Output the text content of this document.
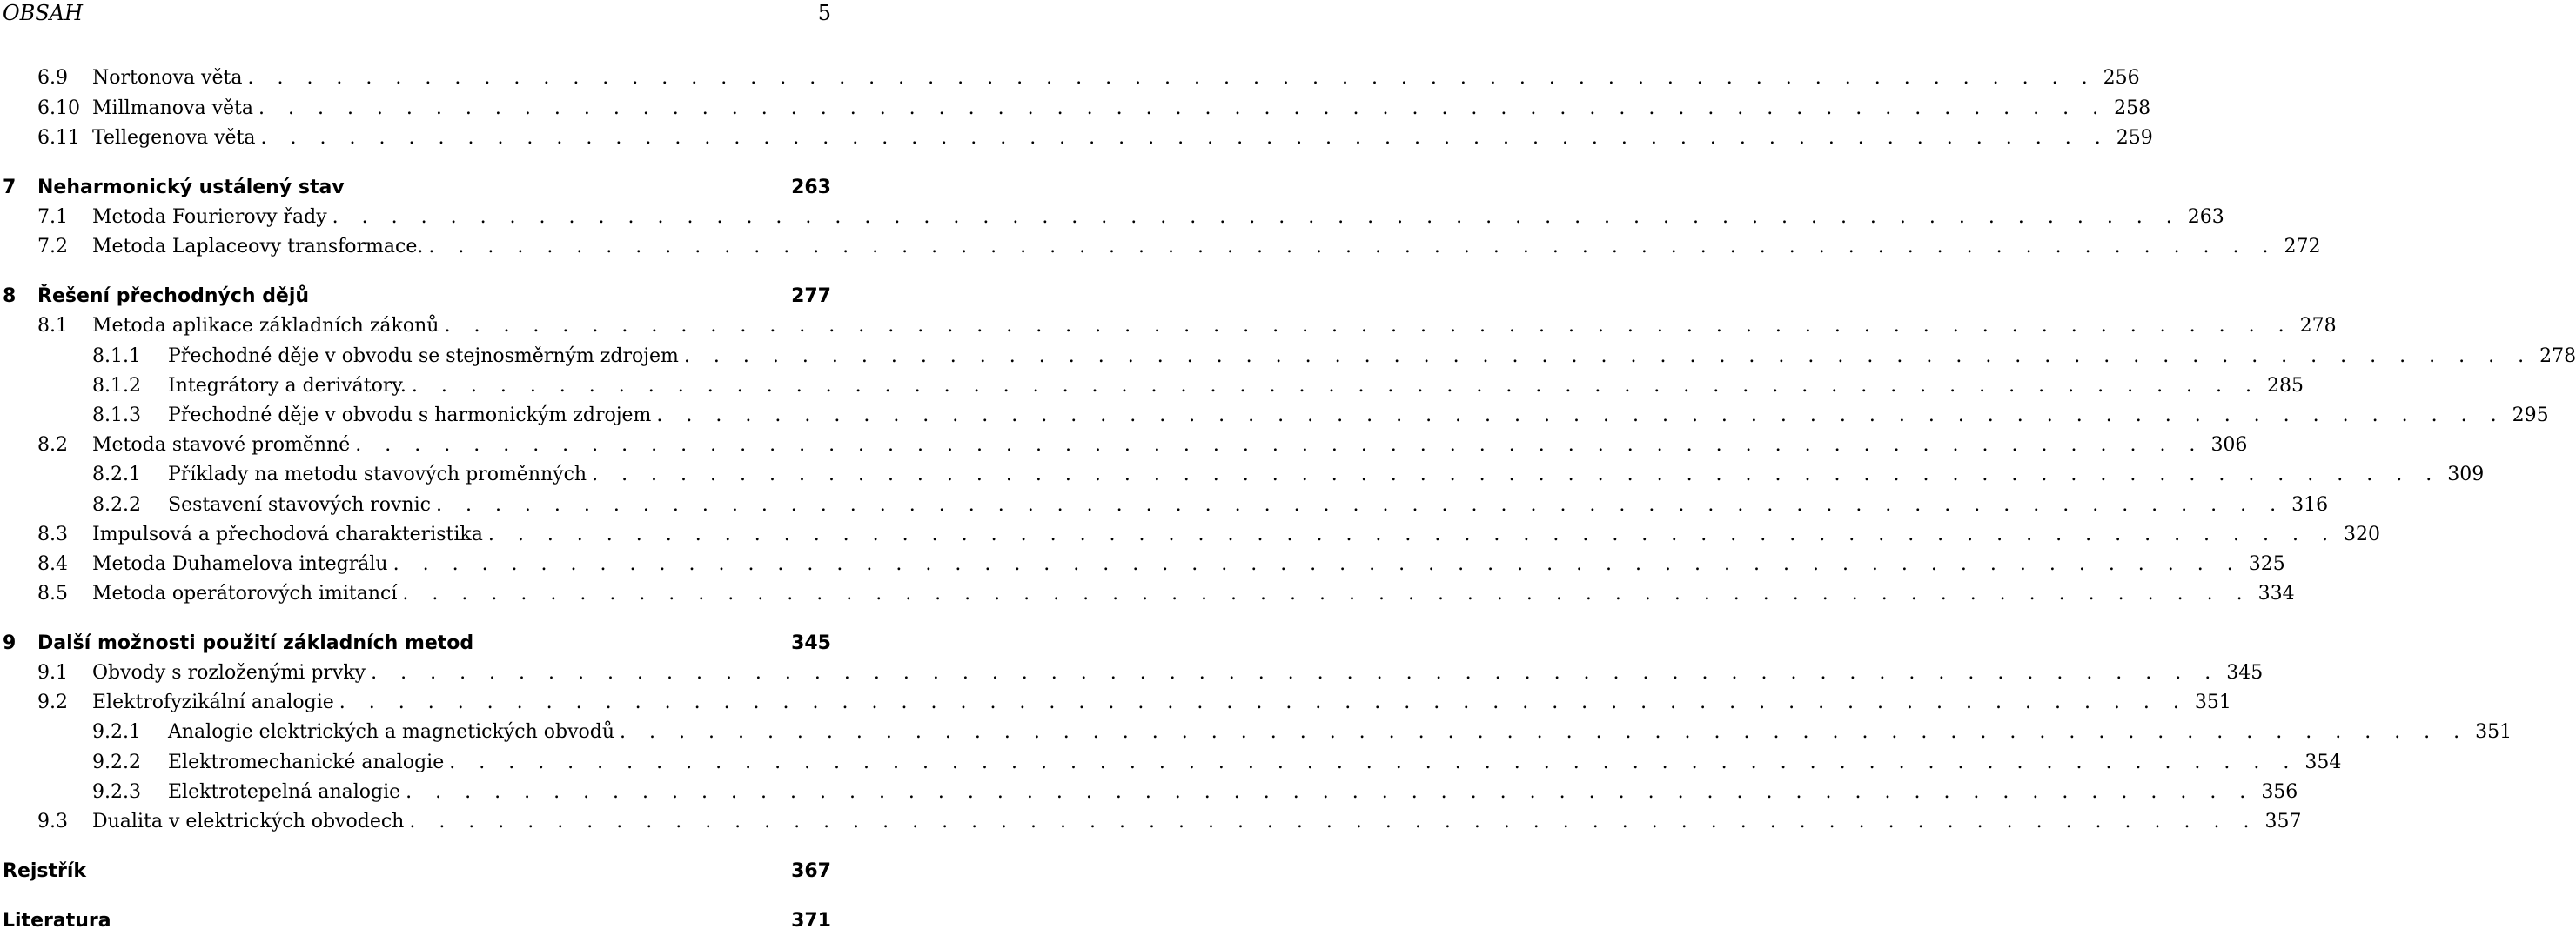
OBSAH	5
6.9 Nortonova věta . . . . . . . . . . . . . . . . . . . . . . . . . . . . . . . . . . . . . . . . . . . . . . . . . . . . . . . . . . . . . . . 256
6.10 Millmanova věta . . . . . . . . . . . . . . . . . . . . . . . . . . . . . . . . . . . . . . . . . . . . . . . . . . . . . . . . . . . . . . . 258
6.11 Tellegenova věta . . . . . . . . . . . . . . . . . . . . . . . . . . . . . . . . . . . . . . . . . . . . . . . . . . . . . . . . . . . . . . . 259
7 Neharmonický ustálený stav	263
7.1 Metoda Fourierovy řady . . . . . . . . . . . . . . . . . . . . . . . . . . . . . . . . . . . . . . . . . . . . . . . . . . . . . . . . . . . . . . . 263
7.2 Metoda Laplaceovy transformace. . . . . . . . . . . . . . . . . . . . . . . . . . . . . . . . . . . . . . . . . . . . . . . . . . . . . . . . . . . . . . . . 272
8 Řešení přechodných dějů	277
8.1 Metoda aplikace základních zákonů . . . . . . . . . . . . . . . . . . . . . . . . . . . . . . . . . . . . . . . . . . . . . . . . . . . . . . . . . . . . . . . 278
8.1.1 Přechodné děje v obvodu se stejnosměrným zdrojem . . . . . . . . . . . . . . . . . . . . . . . . . . . . . . . . . . . . . . . . . . . . . . . . . . . . . . . . . . . . . . . 278
8.1.2 Integrátory a derivátory. . . . . . . . . . . . . . . . . . . . . . . . . . . . . . . . . . . . . . . . . . . . . . . . . . . . . . . . . . . . . . . . 285
8.1.3 Přechodné děje v obvodu s harmonickým zdrojem . . . . . . . . . . . . . . . . . . . . . . . . . . . . . . . . . . . . . . . . . . . . . . . . . . . . . . . . . . . . . . . 295
8.2 Metoda stavové proměnné . . . . . . . . . . . . . . . . . . . . . . . . . . . . . . . . . . . . . . . . . . . . . . . . . . . . . . . . . . . . . . . 306
8.2.1 Příklady na metodu stavových proměnných . . . . . . . . . . . . . . . . . . . . . . . . . . . . . . . . . . . . . . . . . . . . . . . . . . . . . . . . . . . . . . . 309
8.2.2 Sestavení stavových rovnic . . . . . . . . . . . . . . . . . . . . . . . . . . . . . . . . . . . . . . . . . . . . . . . . . . . . . . . . . . . . . . . 316
8.3 Impulsová a přechodová charakteristika . . . . . . . . . . . . . . . . . . . . . . . . . . . . . . . . . . . . . . . . . . . . . . . . . . . . . . . . . . . . . . . 320
8.4 Metoda Duhamelova integrálu . . . . . . . . . . . . . . . . . . . . . . . . . . . . . . . . . . . . . . . . . . . . . . . . . . . . . . . . . . . . . . . 325
8.5 Metoda operátorových imitancí . . . . . . . . . . . . . . . . . . . . . . . . . . . . . . . . . . . . . . . . . . . . . . . . . . . . . . . . . . . . . . . 334
9 Další možnosti použití základních metod	345
9.1 Obvody s rozloženými prvky . . . . . . . . . . . . . . . . . . . . . . . . . . . . . . . . . . . . . . . . . . . . . . . . . . . . . . . . . . . . . . . 345
9.2 Elektrofyzikální analogie . . . . . . . . . . . . . . . . . . . . . . . . . . . . . . . . . . . . . . . . . . . . . . . . . . . . . . . . . . . . . . . 351
9.2.1 Analogie elektrických a magnetických obvodů . . . . . . . . . . . . . . . . . . . . . . . . . . . . . . . . . . . . . . . . . . . . . . . . . . . . . . . . . . . . . . . 351
9.2.2 Elektromechanické analogie . . . . . . . . . . . . . . . . . . . . . . . . . . . . . . . . . . . . . . . . . . . . . . . . . . . . . . . . . . . . . . . 354
9.2.3 Elektrotepelná analogie . . . . . . . . . . . . . . . . . . . . . . . . . . . . . . . . . . . . . . . . . . . . . . . . . . . . . . . . . . . . . . . 356
9.3 Dualita v elektrických obvodech . . . . . . . . . . . . . . . . . . . . . . . . . . . . . . . . . . . . . . . . . . . . . . . . . . . . . . . . . . . . . . . 357
Rejstřík	367
Literatura	371
